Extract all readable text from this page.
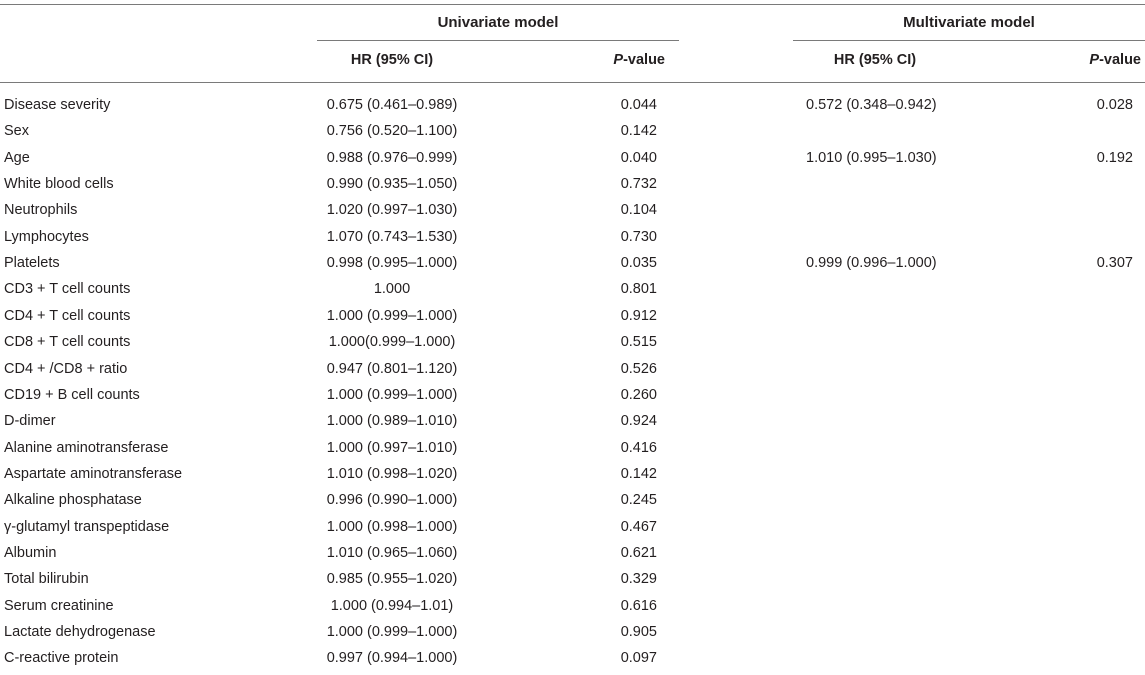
Univariate model	Multivariate model
HR (95% CI)	P-value	HR (95% CI)	P-value
Disease severity	0.675 (0.461–0.989)	0.044	0.572 (0.348–0.942)	0.028
Sex	0.756 (0.520–1.100)	0.142
Age	0.988 (0.976–0.999)	0.040	1.010 (0.995–1.030)	0.192
White blood cells	0.990 (0.935–1.050)	0.732
Neutrophils	1.020 (0.997–1.030)	0.104
Lymphocytes	1.070 (0.743–1.530)	0.730
Platelets	0.998 (0.995–1.000)	0.035	0.999 (0.996–1.000)	0.307
CD3 + T cell counts	1.000	0.801
CD4 + T cell counts	1.000 (0.999–1.000)	0.912
CD8 + T cell counts	1.000(0.999–1.000)	0.515
CD4 + /CD8 + ratio	0.947 (0.801–1.120)	0.526
CD19 + B cell counts	1.000 (0.999–1.000)	0.260
D-dimer	1.000 (0.989–1.010)	0.924
Alanine aminotransferase	1.000 (0.997–1.010)	0.416
Aspartate aminotransferase	1.010 (0.998–1.020)	0.142
Alkaline phosphatase	0.996 (0.990–1.000)	0.245
γ-glutamyl transpeptidase	1.000 (0.998–1.000)	0.467
Albumin	1.010 (0.965–1.060)	0.621
Total bilirubin	0.985 (0.955–1.020)	0.329
Serum creatinine	1.000 (0.994–1.01)	0.616
Lactate dehydrogenase	1.000 (0.999–1.000)	0.905
C-reactive protein	0.997 (0.994–1.000)	0.097
